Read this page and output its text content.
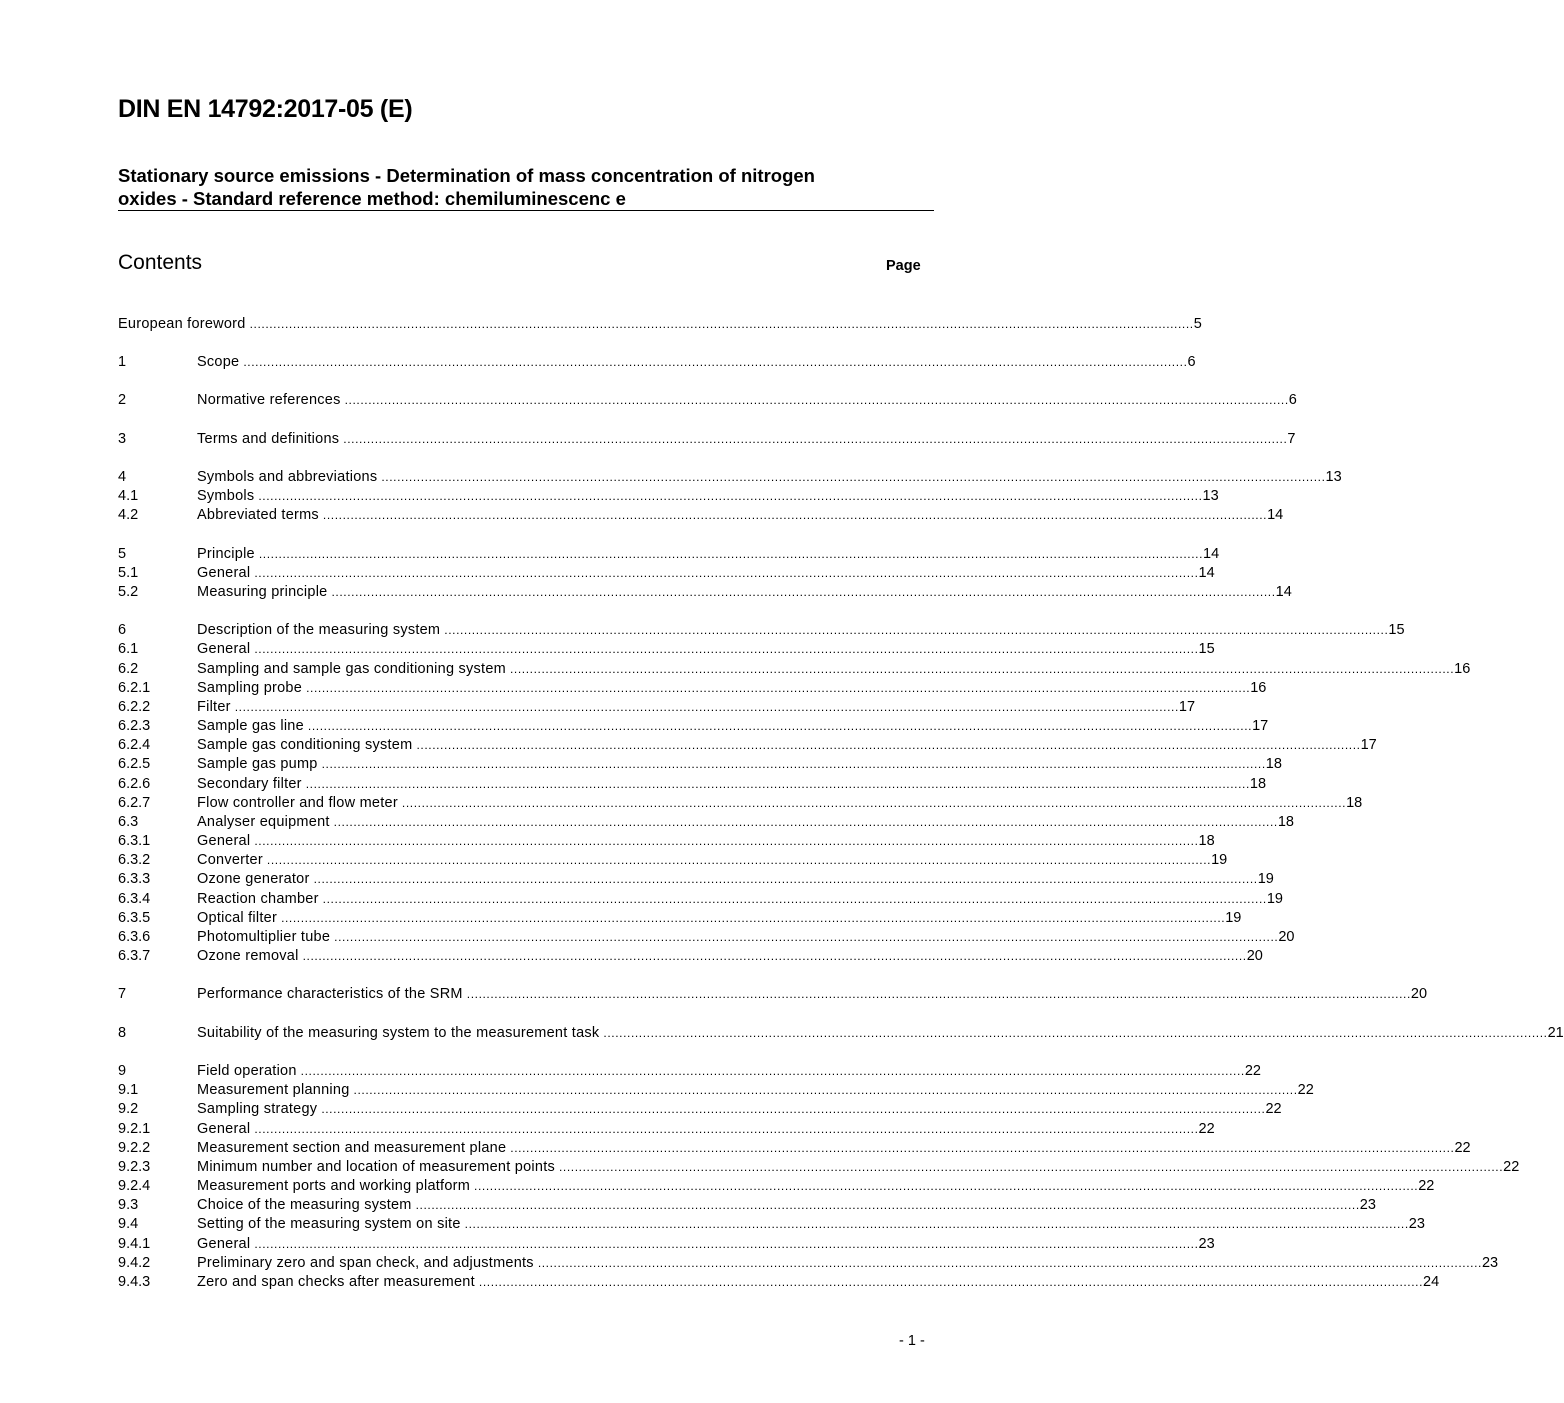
DIN EN 14792:2017-05 (E)
Stationary source emissions - Determination of mass concentration of nitrogen
oxides - Standard reference method: chemiluminescenc e
Contents	Page
European foreword ................................................................................................................................................................................................................................................ 5
1	Scope ................................................................................................................................................................................................................................................ 6
2	Normative references ................................................................................................................................................................................................................................................ 6
3	Terms and definitions ................................................................................................................................................................................................................................................ 7
4	Symbols and abbreviations ................................................................................................................................................................................................................................................ 13
4.1	Symbols ................................................................................................................................................................................................................................................ 13
4.2	Abbreviated terms ................................................................................................................................................................................................................................................ 14
5	Principle ................................................................................................................................................................................................................................................ 14
5.1	General ................................................................................................................................................................................................................................................ 14
5.2	Measuring principle ................................................................................................................................................................................................................................................ 14
6	Description of the measuring system ................................................................................................................................................................................................................................................ 15
6.1	General ................................................................................................................................................................................................................................................ 15
6.2	Sampling and sample gas conditioning system ................................................................................................................................................................................................................................................ 16
6.2.1	Sampling probe ................................................................................................................................................................................................................................................ 16
6.2.2	Filter ................................................................................................................................................................................................................................................ 17
6.2.3	Sample gas line ................................................................................................................................................................................................................................................ 17
6.2.4	Sample gas conditioning system ................................................................................................................................................................................................................................................ 17
6.2.5	Sample gas pump ................................................................................................................................................................................................................................................ 18
6.2.6	Secondary filter ................................................................................................................................................................................................................................................ 18
6.2.7	Flow controller and flow meter ................................................................................................................................................................................................................................................ 18
6.3	Analyser equipment ................................................................................................................................................................................................................................................ 18
6.3.1	General ................................................................................................................................................................................................................................................ 18
6.3.2	Converter ................................................................................................................................................................................................................................................ 19
6.3.3	Ozone generator ................................................................................................................................................................................................................................................ 19
6.3.4	Reaction chamber ................................................................................................................................................................................................................................................ 19
6.3.5	Optical filter ................................................................................................................................................................................................................................................ 19
6.3.6	Photomultiplier tube ................................................................................................................................................................................................................................................ 20
6.3.7	Ozone removal ................................................................................................................................................................................................................................................ 20
7	Performance characteristics of the SRM ................................................................................................................................................................................................................................................ 20
8	Suitability of the measuring system to the measurement task ................................................................................................................................................................................................................................................ 21
9	Field operation ................................................................................................................................................................................................................................................ 22
9.1	Measurement planning ................................................................................................................................................................................................................................................ 22
9.2	Sampling strategy ................................................................................................................................................................................................................................................ 22
9.2.1	General ................................................................................................................................................................................................................................................ 22
9.2.2	Measurement section and measurement plane ................................................................................................................................................................................................................................................ 22
9.2.3	Minimum number and location of measurement points ................................................................................................................................................................................................................................................ 22
9.2.4	Measurement ports and working platform ................................................................................................................................................................................................................................................ 22
9.3	Choice of the measuring system ................................................................................................................................................................................................................................................ 23
9.4	Setting of the measuring system on site ................................................................................................................................................................................................................................................ 23
9.4.1	General ................................................................................................................................................................................................................................................ 23
9.4.2	Preliminary zero and span check, and adjustments ................................................................................................................................................................................................................................................ 23
9.4.3	Zero and span checks after measurement ................................................................................................................................................................................................................................................ 24
- 1 -
